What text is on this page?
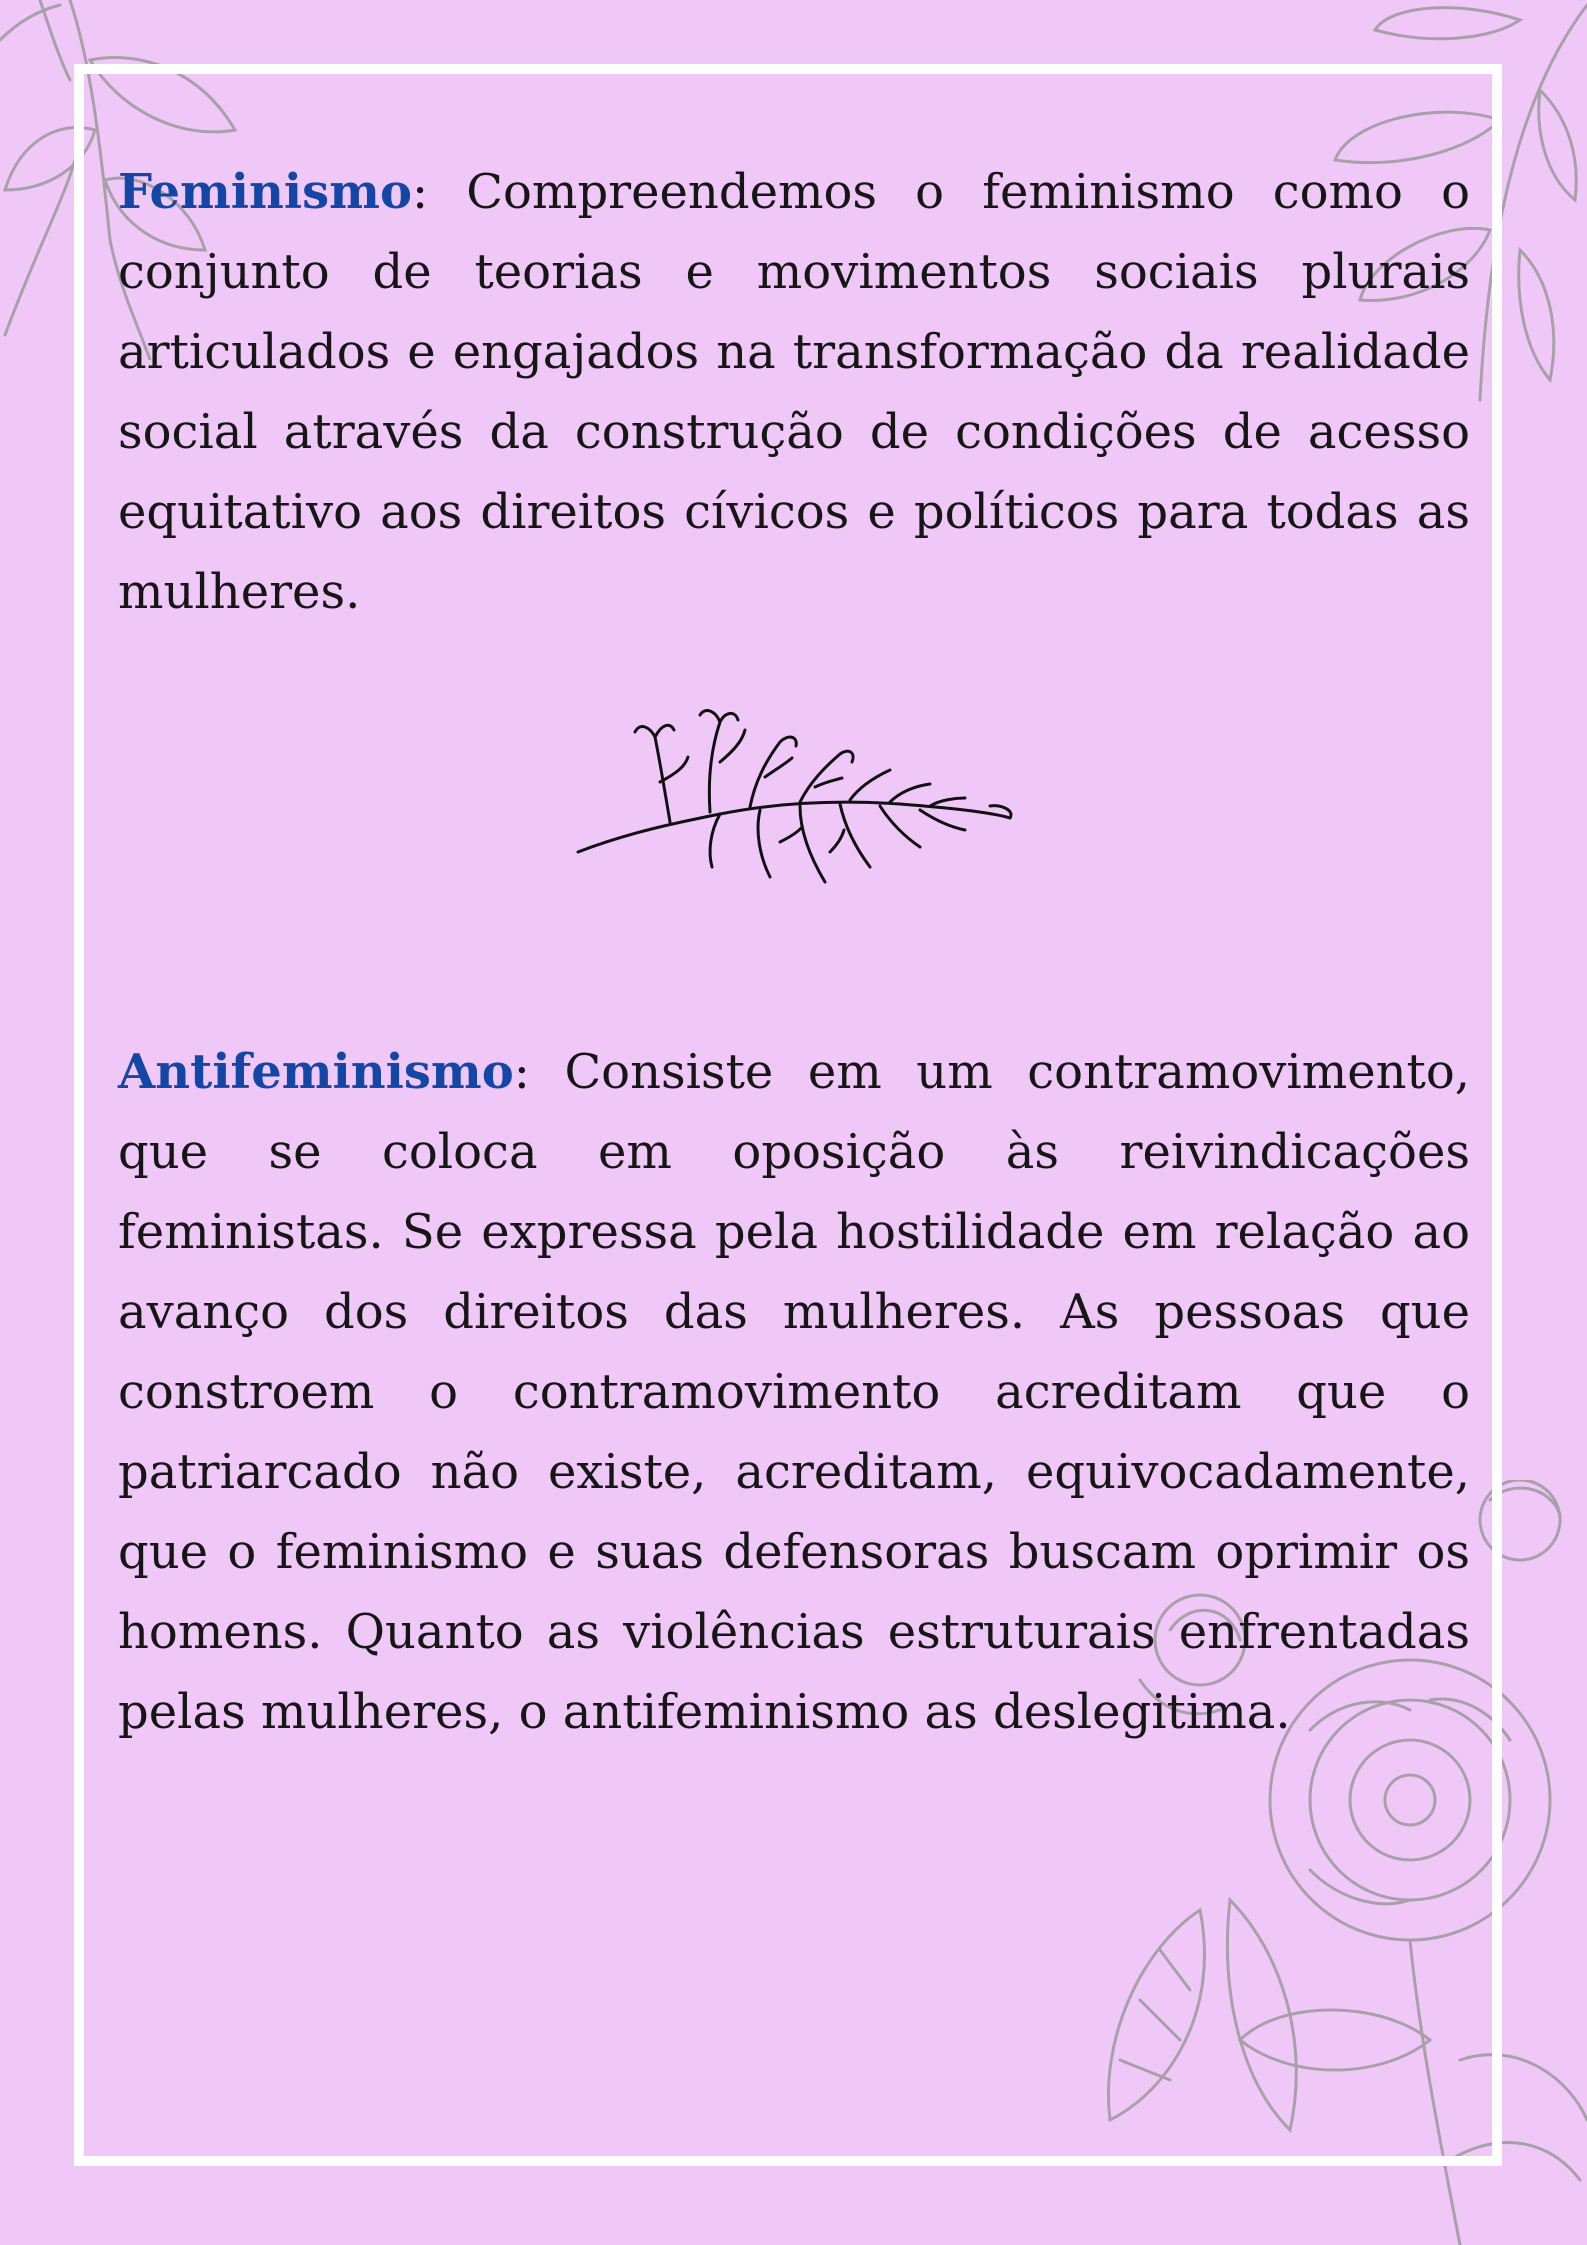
Feminismo: Compreendemos o feminismo como o conjunto de teorias e movimentos sociais plurais articulados e engajados na transformação da realidade social através da construção de condições de acesso equitativo aos direitos cívicos e políticos para todas as mulheres.

Antifeminismo: Consiste em um contramovimento, que se coloca em oposição às reivindicações feministas. Se expressa pela hostilidade em relação ao avanço dos direitos das mulheres. As pessoas que constroem o contramovimento acreditam que o patriarcado não existe, acreditam, equivocadamente, que o feminismo e suas defensoras buscam oprimir os homens. Quanto as violências estruturais enfrentadas pelas mulheres, o antifeminismo as deslegitima.
